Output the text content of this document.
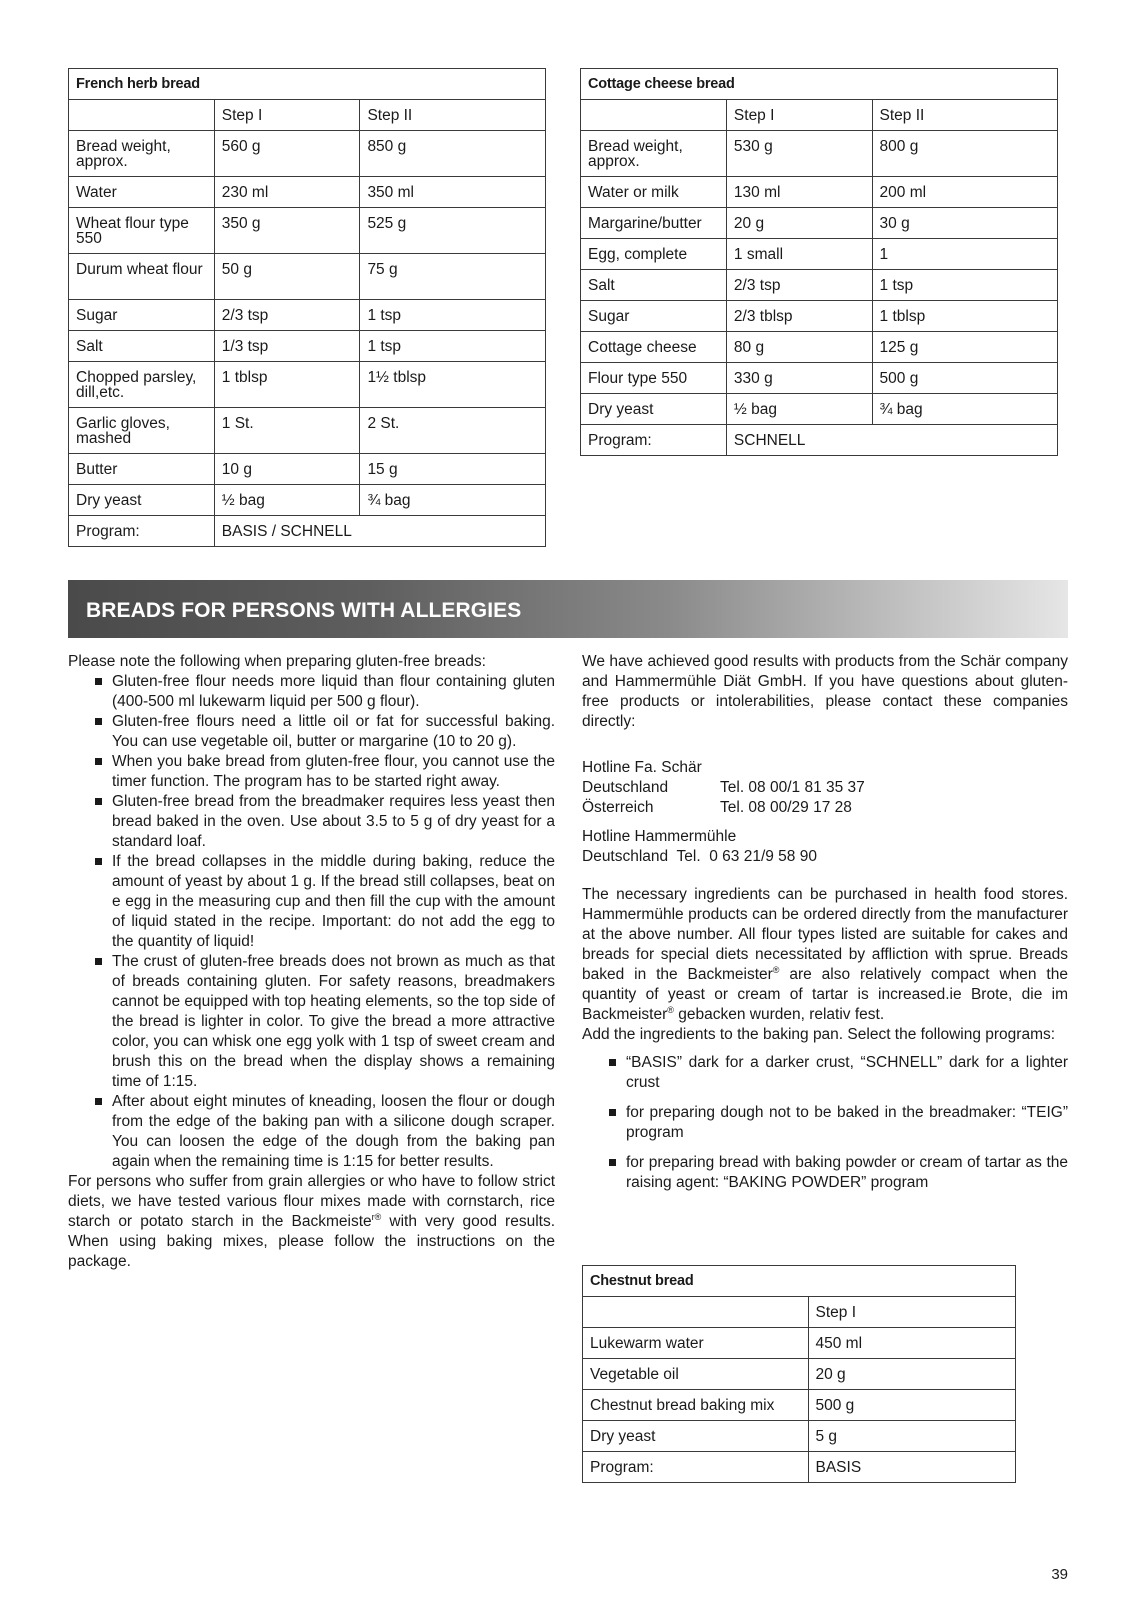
French herb bread		
	Step I	Step II
Bread weight, approx.	560 g	850 g
Water	230 ml	350 ml
Wheat flour type 550	350 g	525 g
Durum wheat flour	50 g	75 g
Sugar	2/3 tsp	1 tsp
Salt	1/3 tsp	1 tsp
Chopped parsley, dill,etc.	1 tblsp	1½ tblsp
Garlic gloves, mashed	1 St.	2 St.
Butter	10 g	15 g
Dry yeast	½ bag	¾ bag
Program:	BASIS / SCHNELL	
Cottage cheese bread		
	Step I	Step II
Bread weight, approx.	530 g	800 g
Water or milk	130 ml	200 ml
Margarine/butter	20 g	30 g
Egg, complete	1 small	1
Salt	2/3 tsp	1 tsp
Sugar	2/3 tblsp	1 tblsp
Cottage cheese	80 g	125 g
Flour type 550	330 g	500 g
Dry yeast	½ bag	¾ bag
Program:	SCHNELL	
BREADS FOR PERSONS WITH ALLERGIES

Please note the following when preparing gluten-free breads:

Gluten-free flour needs more liquid than flour containing gluten (400-500 ml lukewarm liquid per 500 g flour).
Gluten-free flours need a little oil or fat for successful baking. You can use vegetable oil, butter or margarine (10 to 20 g).
When you bake bread from gluten-free flour, you cannot use the timer function. The program has to be started right away.
Gluten-free bread from the breadmaker requires less yeast then bread baked in the oven. Use about 3.5 to 5 g of dry yeast for a standard loaf.
If the bread collapses in the middle during baking, reduce the amount of yeast by about 1 g. If the bread still collapses, beat on e egg in the measuring cup and then fill the cup with the amount of liquid stated in the recipe. Important: do not add the egg to the quantity of liquid!
The crust of gluten-free breads does not brown as much as that of breads containing gluten. For safety reasons, breadmakers cannot be equipped with top heating elements, so the top side of the bread is lighter in color. To give the bread a more attractive color, you can whisk one egg yolk with 1 tsp of sweet cream and brush this on the bread when the display shows a remaining time of 1:15.
After about eight minutes of kneading, loosen the flour or dough from the edge of the baking pan with a silicone dough scraper. You can loosen the edge of the dough from the baking pan again when the remaining time is 1:15 for better results.

For persons who suffer from grain allergies or who have to follow strict diets, we have tested various flour mixes made with cornstarch, rice starch or potato starch in the Backmeiste$^{r®}$ with very good results. When using baking mixes, please follow the instructions on the package.

We have achieved good results with products from the Schär company and Hammermühle Diät GmbH. If you have questions about gluten-free products or intolerabilities, please contact these companies directly:

Hotline Fa. Schär

Deutschland	Tel. 08 00/1 81 35 37
Österreich	Tel. 08 00/29 17 28

Hotline Hammermühle

Deutschland  Tel.  0 63 21/9 58 90

The necessary ingredients can be purchased in health food stores. Hammermühle products can be ordered directly from the manufacturer at the above number. All flour types listed are suitable for cakes and breads for special diets necessitated by affliction with sprue. Breads baked in the Backmeister® are also relatively compact when the quantity of yeast or cream of tartar is increased.ie Brote, die im Backmeister® gebacken wurden, relativ fest.

Add the ingredients to the baking pan. Select the following programs:

“BASIS” dark for a darker crust, “SCHNELL” dark for a lighter crust
for preparing dough not to be baked in the breadmaker: “TEIG” program
for preparing bread with baking powder or cream of tartar as the raising agent: “BAKING POWDER” program
Chestnut bread	
	Step I
Lukewarm water	450 ml
Vegetable oil	20 g
Chestnut bread baking mix	500 g
Dry yeast	5 g
Program:	BASIS
39
